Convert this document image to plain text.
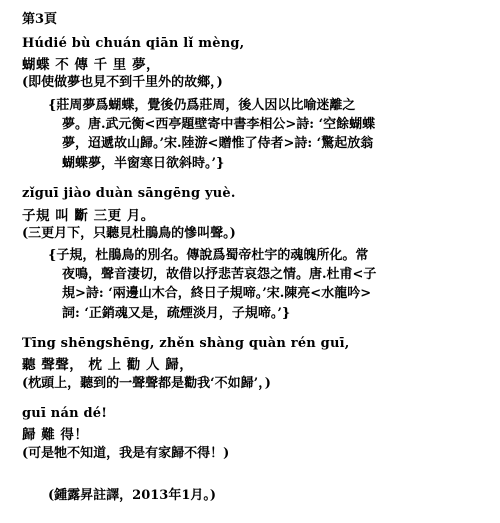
第3頁
Húdié bù chuán qiān lǐ mèng,
蝴蝶 不 傳 千 里 夢，
(即使做夢也見不到千里外的故鄉，)
{莊周夢爲蝴蝶，覺後仍爲莊周，後人因以比喻迷離之
夢。唐.武元衡<西亭題壁寄中書李相公>詩: ‘空餘蝴蝶
夢，迢遞故山歸。’宋.陸游<贈惟了侍者>詩: ‘驚起放翁
蝴蝶夢，半窗寒日欲斜時。’}
zǐguī jiào duàn sāngēng yuè.
子規 叫 斷 三更 月。
(三更月下，只聽見杜鵑鳥的慘叫聲。)
{子規，杜鵑鳥的別名。傳說爲蜀帝杜宇的魂魄所化。常
夜鳴，聲音淒切，故借以抒悲苦哀怨之情。唐.杜甫<子
規>詩: ‘兩邊山木合，終日子規啼。’宋.陳亮<水龍吟>
詞: ‘正銷魂又是，疏煙淡月，子規啼。’}
Tīng shēngshēng, zhěn shàng quàn rén guī,
聽 聲聲， 枕 上 勸 人 歸，
(枕頭上，聽到的一聲聲都是勸我‘不如歸’，)
guī nán dé!
歸 難 得！
(可是牠不知道，我是有家歸不得！)
(鍾露昇註譯，2013年1月。)
